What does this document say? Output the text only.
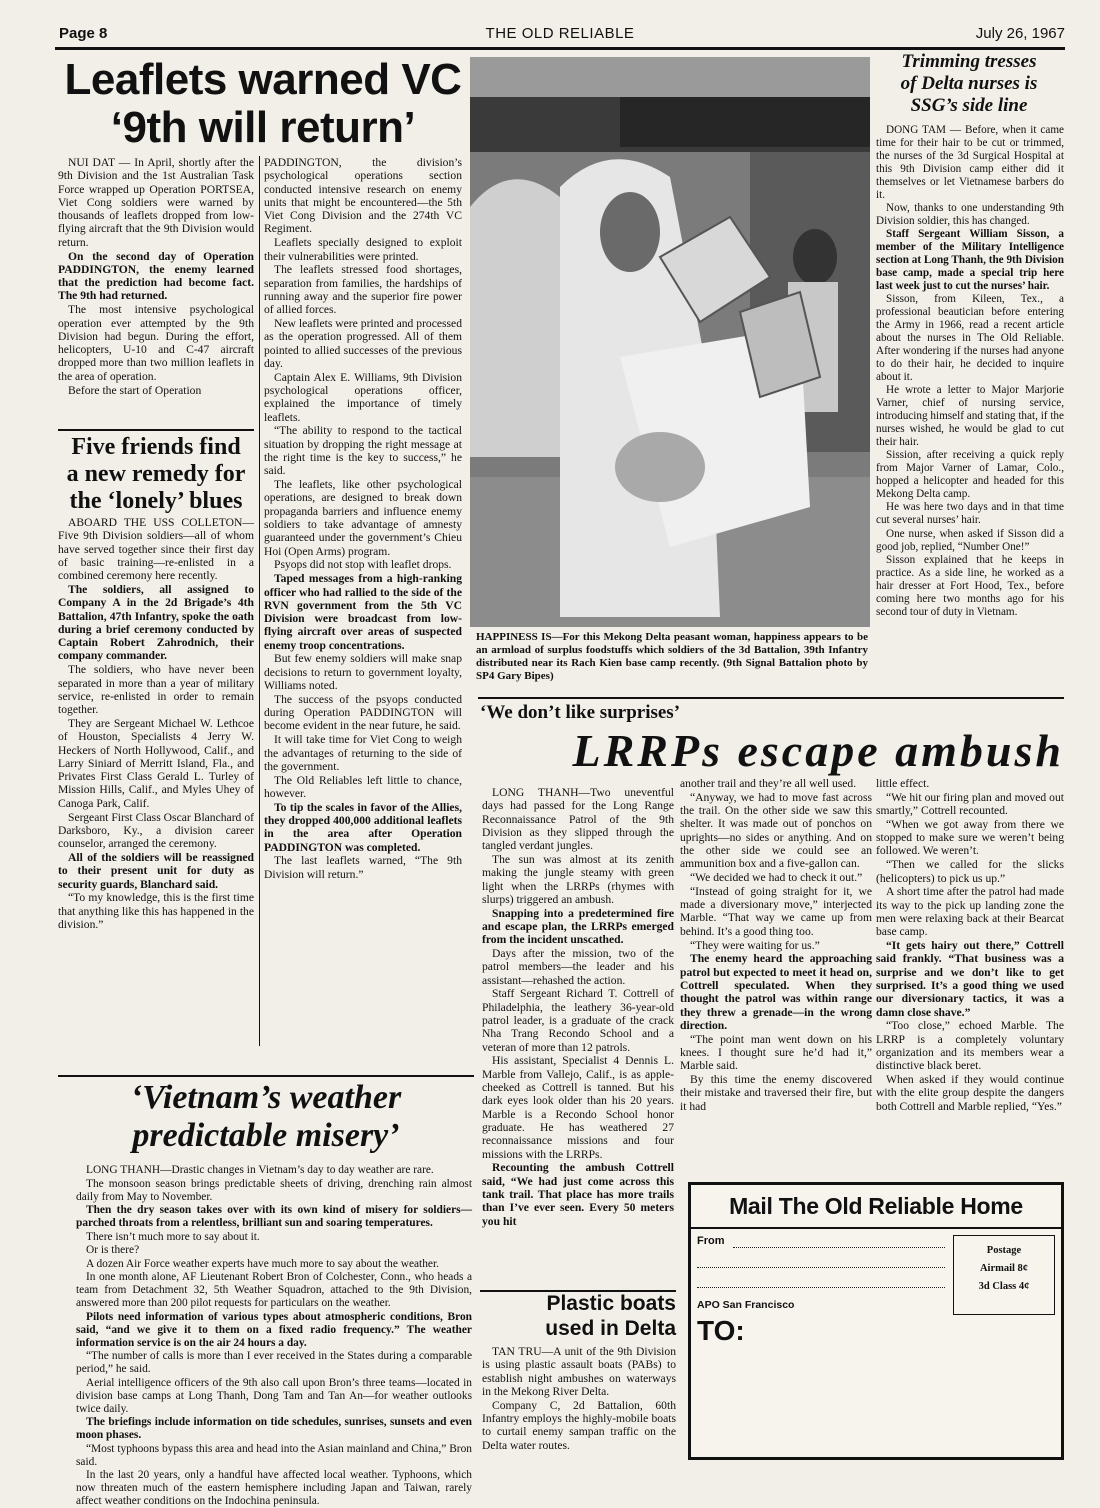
Page 8	THE OLD RELIABLE	July 26, 1967
Leaflets warned VC
‘9th will return’

NUI DAT — In April, shortly after the 9th Division and the 1st Australian Task Force wrapped up Operation PORTSEA, Viet Cong soldiers were warned by thousands of leaflets dropped from low-flying aircraft that the 9th Division would return.

On the second day of Operation PADDINGTON, the enemy learned that the prediction had become fact. The 9th had returned.

The most intensive psychological operation ever attempted by the 9th Division had begun. During the effort, helicopters, U-10 and C-47 aircraft dropped more than two million leaflets in the area of operation.

Before the start of Operation

PADDINGTON, the division’s psychological operations section conducted intensive research on enemy units that might be encountered—the 5th Viet Cong Division and the 274th VC Regiment.

Leaflets specially designed to exploit their vulnerabilities were printed.

The leaflets stressed food shortages, separation from families, the hardships of running away and the superior fire power of allied forces.

New leaflets were printed and processed as the operation progressed. All of them pointed to allied successes of the previous day.

Captain Alex E. Williams, 9th Division psychological operations officer, explained the importance of timely leaflets.

“The ability to respond to the tactical situation by dropping the right message at the right time is the key to success,” he said.

The leaflets, like other psychological operations, are designed to break down propaganda barriers and influence enemy soldiers to take advantage of amnesty guaranteed under the government’s Chieu Hoi (Open Arms) program.

Psyops did not stop with leaflet drops.

Taped messages from a high-ranking officer who had rallied to the side of the RVN government from the 5th VC Division were broadcast from low-flying aircraft over areas of suspected enemy troop concentrations.

But few enemy soldiers will make snap decisions to return to government loyalty, Williams noted.

The success of the psyops conducted during Operation PADDINGTON will become evident in the near future, he said.

It will take time for Viet Cong to weigh the advantages of returning to the side of the government.

The Old Reliables left little to chance, however.

To tip the scales in favor of the Allies, they dropped 400,000 additional leaflets in the area after Operation PADDINGTON was completed.

The last leaflets warned, “The 9th Division will return.”

Five friends find
a new remedy for
the ‘lonely’ blues

ABOARD THE USS COLLETON—Five 9th Division soldiers—all of whom have served together since their first day of basic training—re-enlisted in a combined ceremony here recently.

The soldiers, all assigned to Company A in the 2d Brigade’s 4th Battalion, 47th Infantry, spoke the oath during a brief ceremony conducted by Captain Robert Zahrodnich, their company commander.

The soldiers, who have never been separated in more than a year of military service, re-enlisted in order to remain together.

They are Sergeant Michael W. Lethcoe of Houston, Specialists 4 Jerry W. Heckers of North Hollywood, Calif., and Larry Siniard of Merritt Island, Fla., and Privates First Class Gerald L. Turley of Mission Hills, Calif., and Myles Uhey of Canoga Park, Calif.

Sergeant First Class Oscar Blanchard of Darksboro, Ky., a division career counselor, arranged the ceremony.

All of the soldiers will be reassigned to their present unit for duty as security guards, Blanchard said.

“To my knowledge, this is the first time that anything like this has happened in the division.”

HAPPINESS IS—For this Mekong Delta peasant woman, happiness appears to be an armload of surplus foodstuffs which soldiers of the 3d Battalion, 39th Infantry distributed near its Rach Kien base camp recently. (9th Signal Battalion photo by SP4 Gary Bipes)
Trimming tresses
of Delta nurses is
SSG’s side line

DONG TAM — Before, when it came time for their hair to be cut or trimmed, the nurses of the 3d Surgical Hospital at this 9th Division camp either did it themselves or let Vietnamese barbers do it.

Now, thanks to one understanding 9th Division soldier, this has changed.

Staff Sergeant William Sisson, a member of the Military Intelligence section at Long Thanh, the 9th Division base camp, made a special trip here last week just to cut the nurses’ hair.

Sisson, from Kileen, Tex., a professional beautician before entering the Army in 1966, read a recent article about the nurses in The Old Reliable. After wondering if the nurses had anyone to do their hair, he decided to inquire about it.

He wrote a letter to Major Marjorie Varner, chief of nursing service, introducing himself and stating that, if the nurses wished, he would be glad to cut their hair.

Sission, after receiving a quick reply from Major Varner of Lamar, Colo., hopped a helicopter and headed for this Mekong Delta camp.

He was here two days and in that time cut several nurses’ hair.

One nurse, when asked if Sisson did a good job, replied, “Number One!”

Sisson explained that he keeps in practice. As a side line, he worked as a hair dresser at Fort Hood, Tex., before coming here two months ago for his second tour of duty in Vietnam.

‘We don’t like surprises’
LRRPs escape ambush

LONG THANH—Two uneventful days had passed for the Long Range Reconnaissance Patrol of the 9th Division as they slipped through the tangled verdant jungles.

The sun was almost at its zenith making the jungle steamy with green light when the LRRPs (rhymes with slurps) triggered an ambush.

Snapping into a predetermined fire and escape plan, the LRRPs emerged from the incident unscathed.

Days after the mission, two of the patrol members—the leader and his assistant—rehashed the action.

Staff Sergeant Richard T. Cottrell of Philadelphia, the leathery 36-year-old patrol leader, is a graduate of the crack Nha Trang Recondo School and a veteran of more than 12 patrols.

His assistant, Specialist 4 Dennis L. Marble from Vallejo, Calif., is as apple-cheeked as Cottrell is tanned. But his dark eyes look older than his 20 years. Marble is a Recondo School honor graduate. He has weathered 27 reconnaissance missions and four missions with the LRRPs.

Recounting the ambush Cottrell said, “We had just come across this tank trail. That place has more trails than I’ve ever seen. Every 50 meters you hit

another trail and they’re all well used.

“Anyway, we had to move fast across the trail. On the other side we saw this shelter. It was made out of ponchos on uprights—no sides or anything. And on the other side we could see an ammunition box and a five-gallon can.

“We decided we had to check it out.”

“Instead of going straight for it, we made a diversionary move,” interjected Marble. “That way we came up from behind. It’s a good thing too.

“They were waiting for us.”

The enemy heard the approaching patrol but expected to meet it head on, Cottrell speculated. When they thought the patrol was within range they threw a grenade—in the wrong direction.

“The point man went down on his knees. I thought sure he’d had it,” Marble said.

By this time the enemy discovered their mistake and traversed their fire, but it had

little effect.

“We hit our firing plan and moved out smartly,” Cottrell recounted.

“When we got away from there we stopped to make sure we weren’t being followed. We weren’t.

“Then we called for the slicks (helicopters) to pick us up.”

A short time after the patrol had made its way to the pick up landing zone the men were relaxing back at their Bearcat base camp.

“It gets hairy out there,” Cottrell said frankly. “That business was a surprise and we don’t like to get surprised. It’s a good thing we used our diversionary tactics, it was a damn close shave.”

“Too close,” echoed Marble. The LRRP is a completely voluntary organization and its members wear a distinctive black beret.

When asked if they would continue with the elite group despite the dangers both Cottrell and Marble replied, “Yes.”

‘Vietnam’s weather
predictable misery’

LONG THANH—Drastic changes in Vietnam’s day to day weather are rare.

The monsoon season brings predictable sheets of driving, drenching rain almost daily from May to November.

Then the dry season takes over with its own kind of misery for soldiers—parched throats from a relentless, brilliant sun and soaring temperatures.

There isn’t much more to say about it.

Or is there?

A dozen Air Force weather experts have much more to say about the weather.

In one month alone, AF Lieutenant Robert Bron of Colchester, Conn., who heads a team from Detachment 32, 5th Weather Squadron, attached to the 9th Division, answered more than 200 pilot requests for particulars on the weather.

Pilots need information of various types about atmospheric conditions, Bron said, “and we give it to them on a fixed radio frequency.” The weather information service is on the air 24 hours a day.

“The number of calls is more than I ever received in the States during a comparable period,” he said.

Aerial intelligence officers of the 9th also call upon Bron’s three teams—located in division base camps at Long Thanh, Dong Tam and Tan An—for weather outlooks twice daily.

The briefings include information on tide schedules, sunrises, sunsets and even moon phases.

“Most typhoons bypass this area and head into the Asian mainland and China,” Bron said.

In the last 20 years, only a handful have affected local weather. Typhoons, which now threaten much of the eastern hemisphere including Japan and Taiwan, rarely affect weather conditions on the Indochina peninsula.

Plastic boats
used in Delta

TAN TRU—A unit of the 9th Division is using plastic assault boats (PABs) to establish night ambushes on waterways in the Mekong River Delta.

Company C, 2d Battalion, 60th Infantry employs the highly-mobile boats to curtail enemy sampan traffic on the Delta water routes.

Mail The Old Reliable Home
From
APO San Francisco
Postage
Airmail 8¢
3d Class 4¢
TO:
